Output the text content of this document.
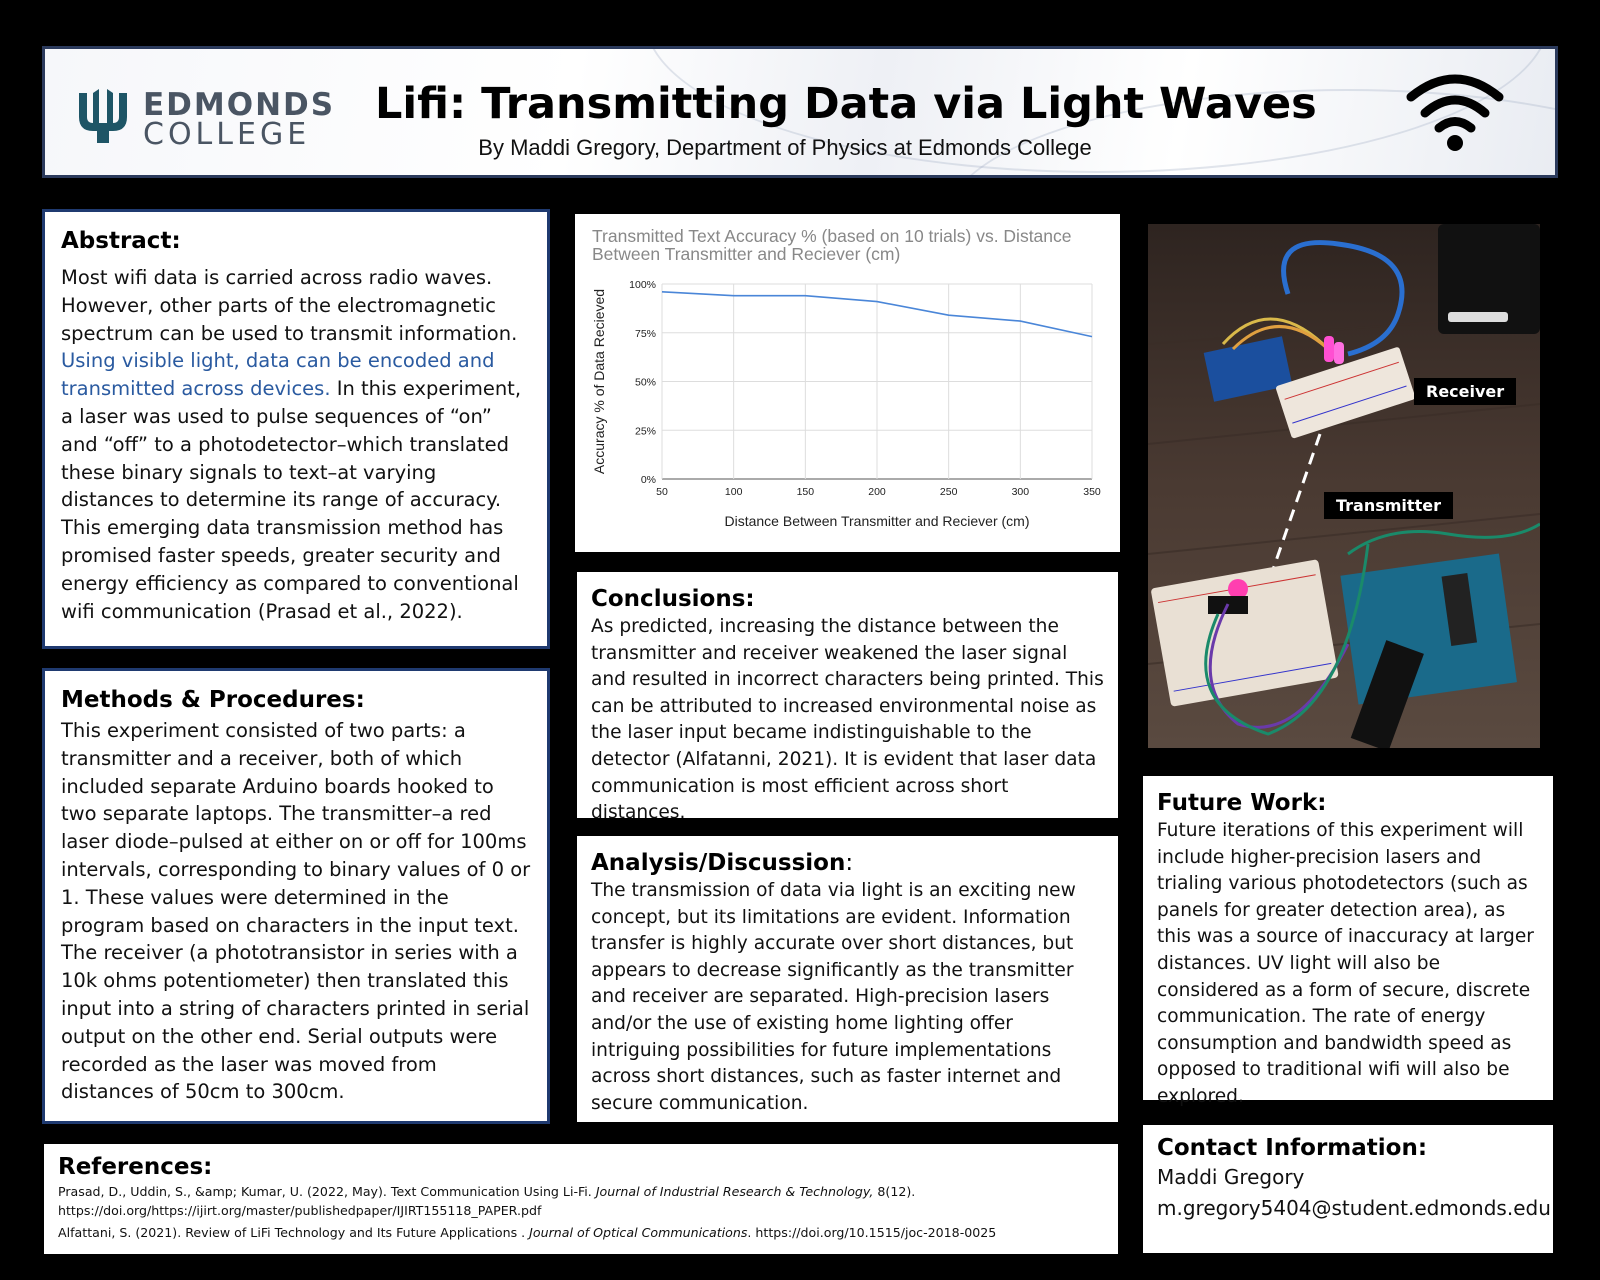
EDMONDS
COLLEGE
Lifi: Transmitting Data via Light Waves
By Maddi Gregory, Department of Physics at Edmonds College
Abstract:
Most wifi data is carried across radio waves. However, other parts of the electromagnetic spectrum can be used to transmit information. Using visible light, data can be encoded and transmitted across devices. In this experiment, a laser was used to pulse sequences of “on” and “off” to a photodetector–which translated these binary signals to text–at varying distances to determine its range of accuracy. This emerging data transmission method has promised faster speeds, greater security and energy efficiency as compared to conventional wifi communication (Prasad et al., 2022).
Methods & Procedures:
This experiment consisted of two parts: a transmitter and a receiver, both of which included separate Arduino boards hooked to two separate laptops. The transmitter–a red laser diode–pulsed at either on or off for 100ms intervals, corresponding to binary values of 0 or 1. These values were determined in the program based on characters in the input text. The receiver (a phototransistor in series with a 10k ohms potentiometer) then translated this input into a string of characters printed in serial output on the other end. Serial outputs were recorded as the laser was moved from distances of 50cm to 300cm.
Transmitted Text Accuracy % (based on 10 trials) vs. Distance
Between Transmitter and Reciever (cm)
0%
25%
50%
75%
100%
50	100	150	200	250	300	350
Accuracy % of Data Recieved
Distance Between Transmitter and Reciever (cm)
Conclusions:
As predicted, increasing the distance between the transmitter and receiver weakened the laser signal and resulted in incorrect characters being printed. This can be attributed to increased environmental noise as the laser input became indistinguishable to the detector (Alfatanni, 2021). It is evident that laser data communication is most efficient across short distances.
Analysis/Discussion:
The transmission of data via light is an exciting new concept, but its limitations are evident. Information transfer is highly accurate over short distances, but appears to decrease significantly as the transmitter and receiver are separated. High-precision lasers and/or the use of existing home lighting offer intriguing possibilities for future implementations across short distances, such as faster internet and secure communication.
Receiver
Transmitter
Future Work:
Future iterations of this experiment will include higher-precision lasers and trialing various photodetectors (such as panels for greater detection area), as this was a source of inaccuracy at larger distances. UV light will also be considered as a form of secure, discrete communication. The rate of energy consumption and bandwidth speed as opposed to traditional wifi will also be explored.
References:
Prasad, D., Uddin, S., &amp; Kumar, U. (2022, May). Text Communication Using Li-Fi. Journal of Industrial Research & Technology, 8(12).
https://doi.org/https://ijirt.org/master/publishedpaper/IJIRT155118_PAPER.pdf
Alfattani, S. (2021). Review of LiFi Technology and Its Future Applications . Journal of Optical Communications. https://doi.org/10.1515/joc-2018-0025
Contact Information:
Maddi Gregory
m.gregory5404@student.edmonds.edu
